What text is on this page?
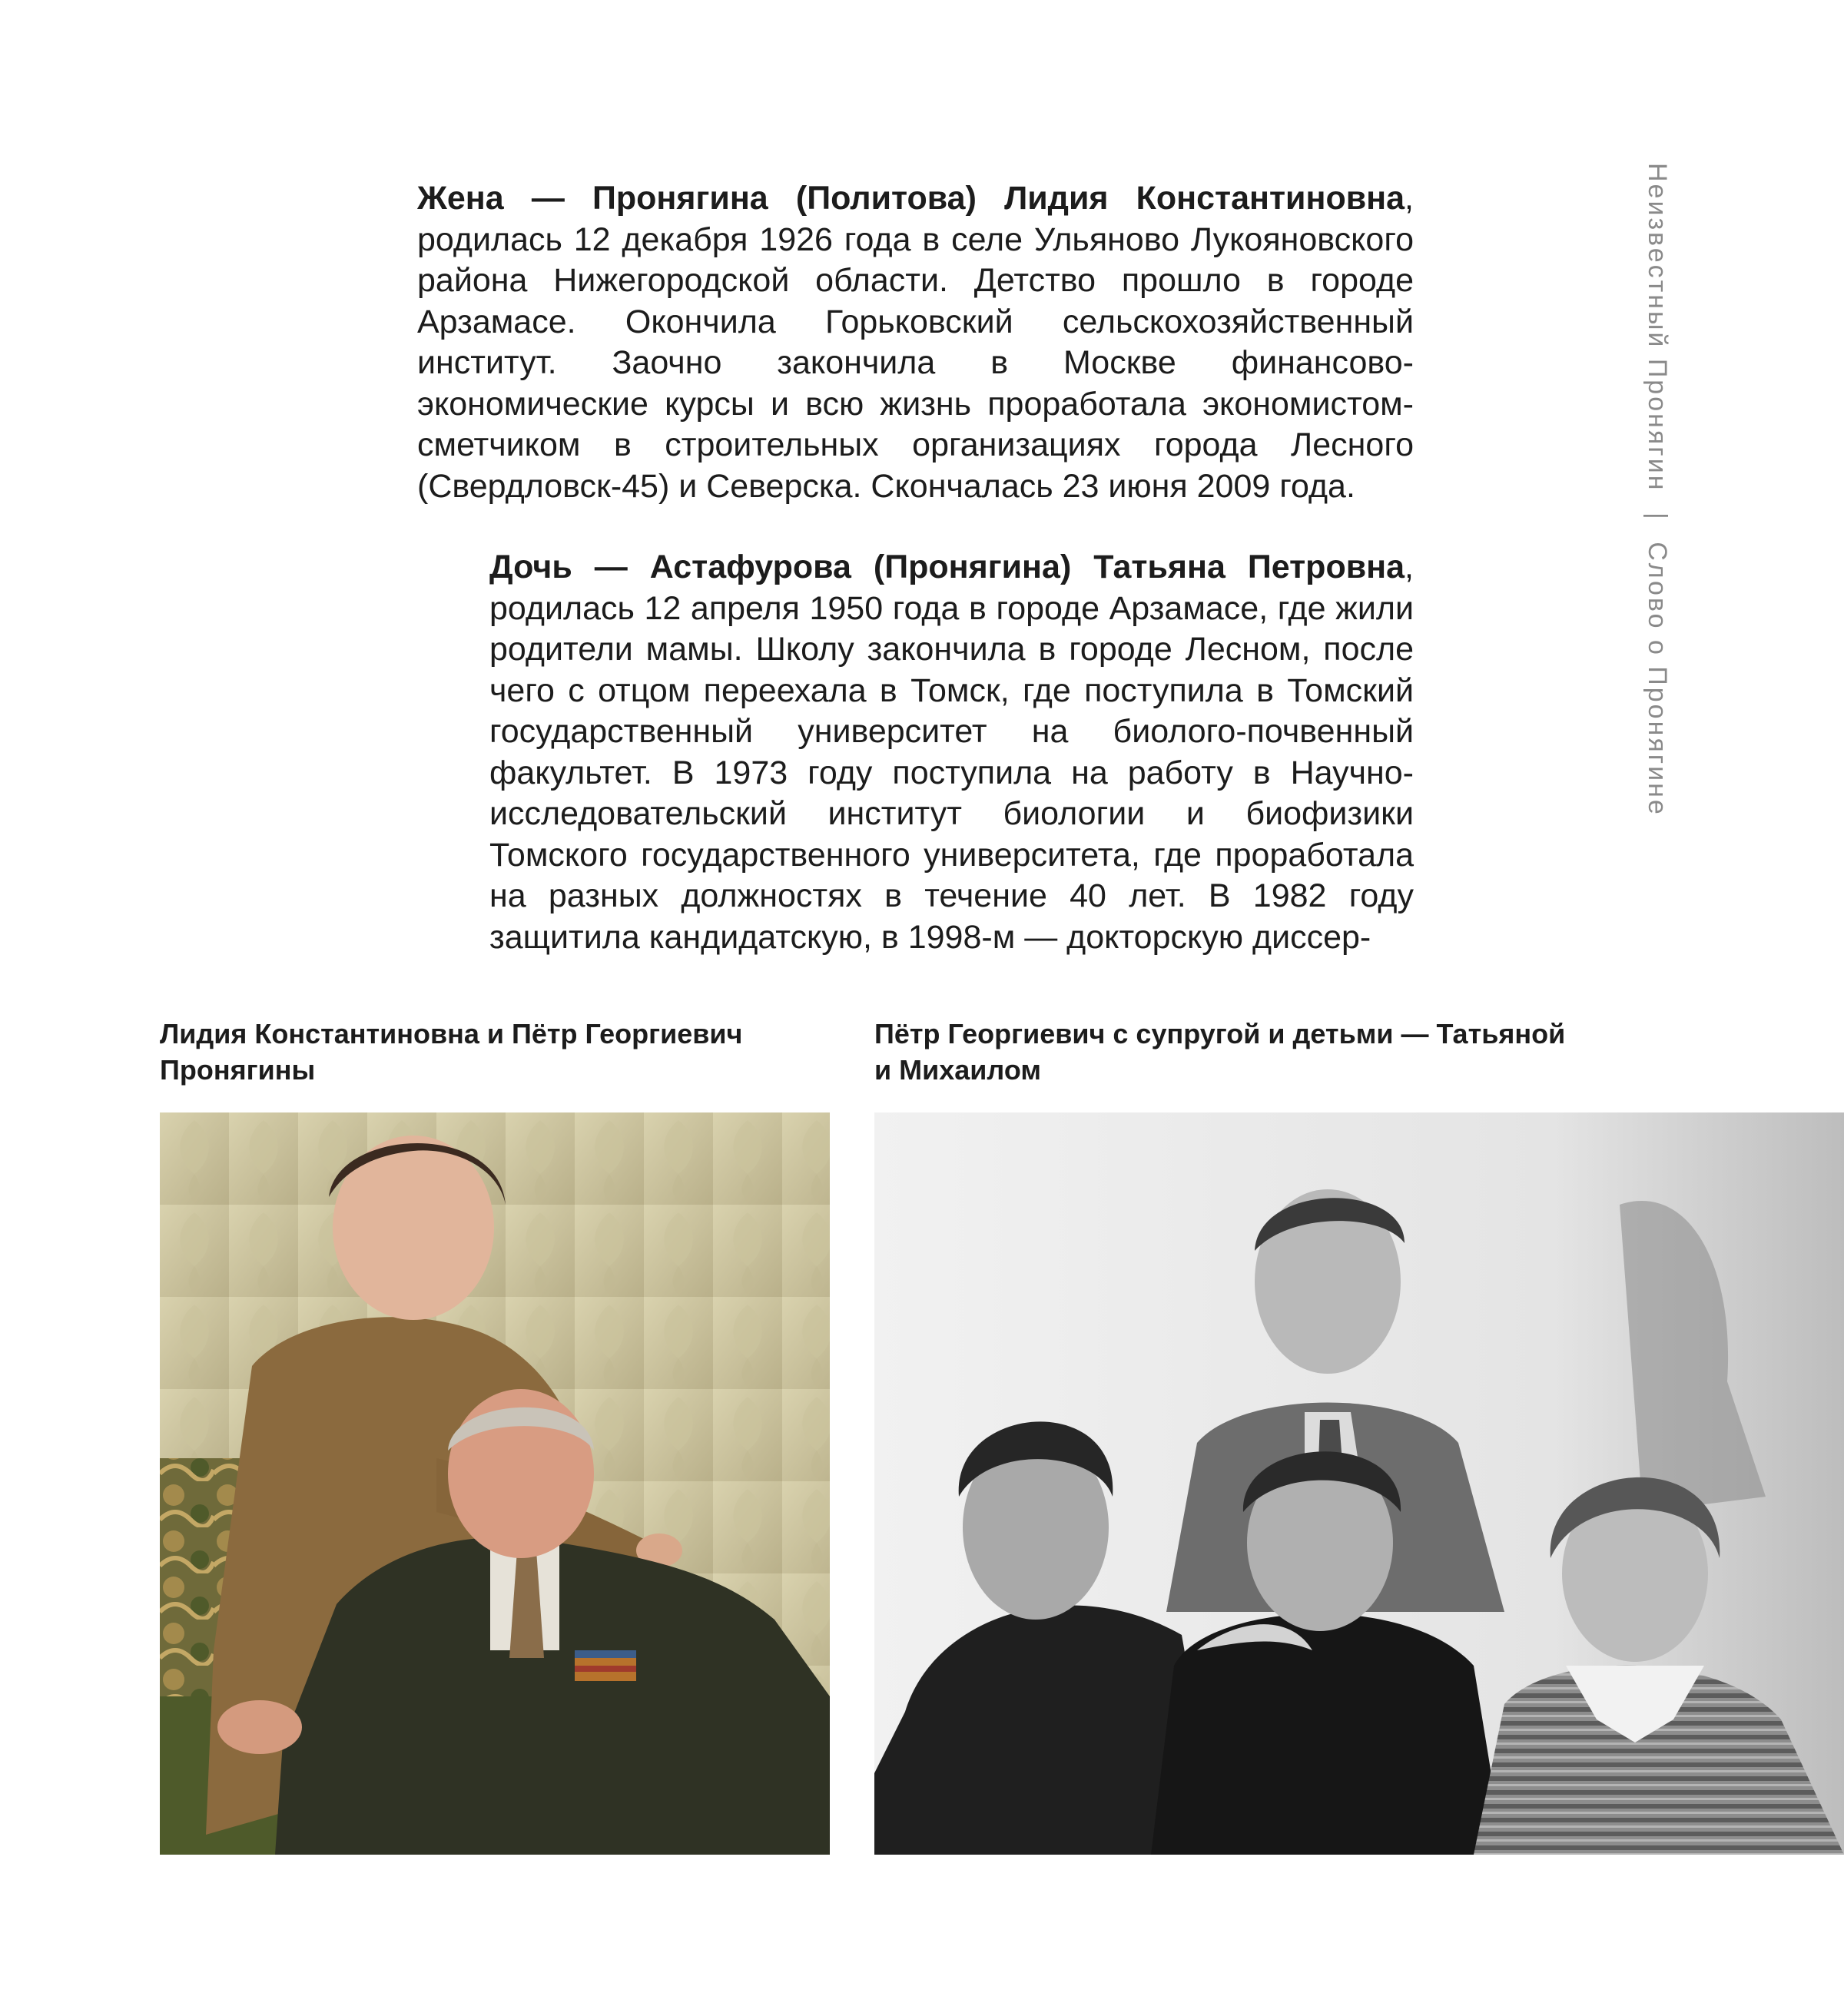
Жена — Пронягина (Политова) Лидия Константиновна, родилась 12 декабря 1926 года в селе Ульяново Лукояновского района Нижегородской области. Детство прошло в городе Арзамасе. Окончила Горьковский сельскохозяйственный институт. Заочно закончила в Москве финансово-экономические курсы и всю жизнь проработала экономистом-сметчиком в строительных организациях города Лесного (Свердловск-45) и Северска. Скончалась 23 июня 2009 года.

Дочь — Астафурова (Пронягина) Татьяна Петровна, родилась 12 апреля 1950 года в городе Арзамасе, где жили родители мамы. Школу закончила в городе Лесном, после чего с отцом переехала в Томск, где поступила в Томский государственный университет на биолого-почвенный факультет. В 1973 году поступила на работу в Научно-исследовательский институт биологии и биофизики Томского государственного университета, где проработала на разных должностях в течение 40 лет. В 1982 году защитила кандидатскую, в 1998-м — докторскую диссер-

Неизвестный Пронягин | Слово о Пронягине

Лидия Константиновна и Пётр Георгиевич Пронягины

Пётр Георгиевич с супругой и детьми — Татьяной и Михаилом
